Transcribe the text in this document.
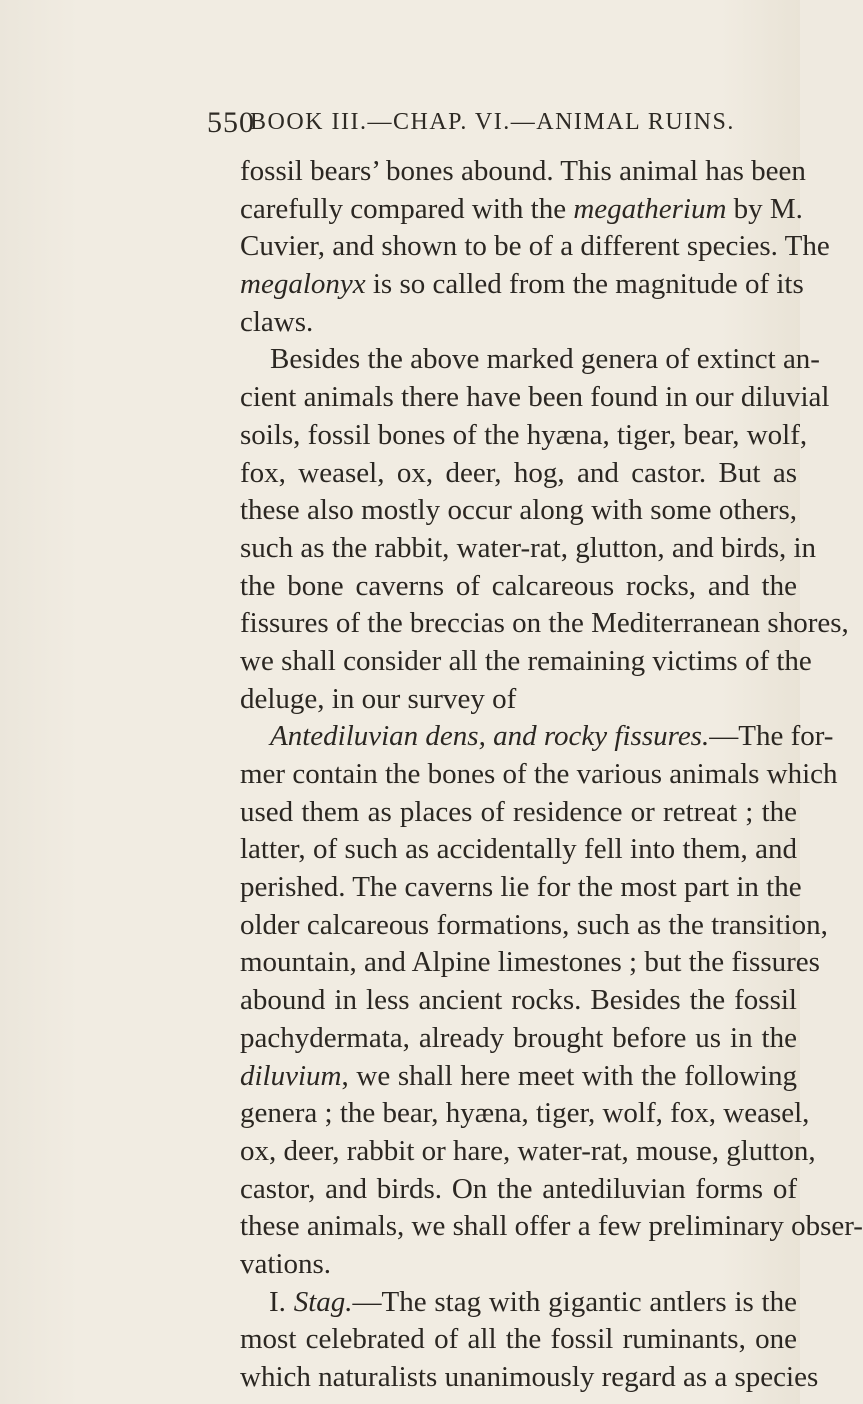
550
BOOK III.—CHAP. VI.—ANIMAL RUINS.
fossil bears’ bones abound. This animal has been
carefully compared with the megatherium by M.
Cuvier, and shown to be of a different species. The
megalonyx is so called from the magnitude of its
claws.
Besides the above marked genera of extinct an-
cient animals there have been found in our diluvial
soils, fossil bones of the hyæna, tiger, bear, wolf,
fox, weasel, ox, deer, hog, and castor. But as
these also mostly occur along with some others,
such as the rabbit, water-rat, glutton, and birds, in
the bone caverns of calcareous rocks, and the
fissures of the breccias on the Mediterranean shores,
we shall consider all the remaining victims of the
deluge, in our survey of
Antediluvian dens, and rocky fissures.—The for-
mer contain the bones of the various animals which
used them as places of residence or retreat ; the
latter, of such as accidentally fell into them, and
perished. The caverns lie for the most part in the
older calcareous formations, such as the transition,
mountain, and Alpine limestones ; but the fissures
abound in less ancient rocks. Besides the fossil
pachydermata, already brought before us in the
diluvium, we shall here meet with the following
genera ; the bear, hyæna, tiger, wolf, fox, weasel,
ox, deer, rabbit or hare, water-rat, mouse, glutton,
castor, and birds. On the antediluvian forms of
these animals, we shall offer a few preliminary obser-
vations.
I. Stag.—The stag with gigantic antlers is the
most celebrated of all the fossil ruminants, one
which naturalists unanimously regard as a species
